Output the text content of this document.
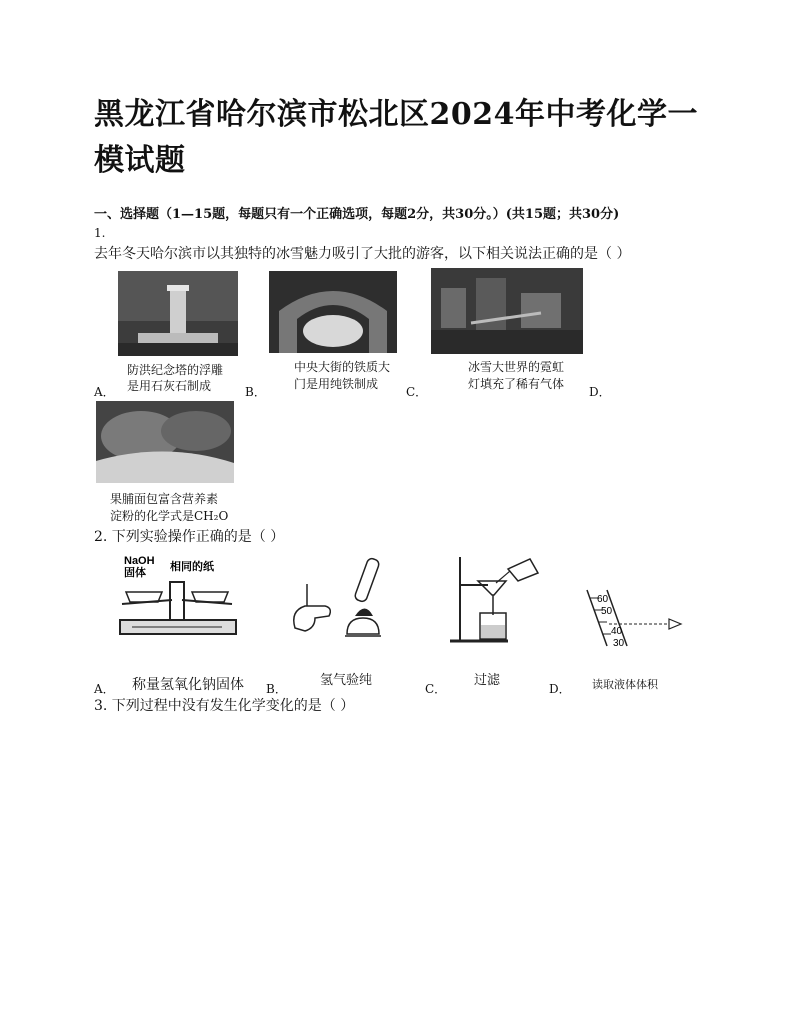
黑龙江省哈尔滨市松北区2024年中考化学一模试题
一、选择题（1—15题，每题只有一个正确选项，每题2分，共30分。）(共15题；共30分)
1.
去年冬天哈尔滨市以其独特的冰雪魅力吸引了大批的游客，以下相关说法正确的是（ ）
防洪纪念塔的浮雕
是用石灰石制成
中央大街的铁质大
门是用纯铁制成
冰雪大世界的霓虹
灯填充了稀有气体
A．	B．	C．	D．
果脯面包富含营养素
淀粉的化学式是CH₂O
2. 下列实验操作正确的是（ ）
NaOH
固体 相同的纸
60
50
40
30
A． 称量氢氧化钠固体 B．
氢气验纯
C．
过滤
D． 读取液体体积
3. 下列过程中没有发生化学变化的是（ ）
